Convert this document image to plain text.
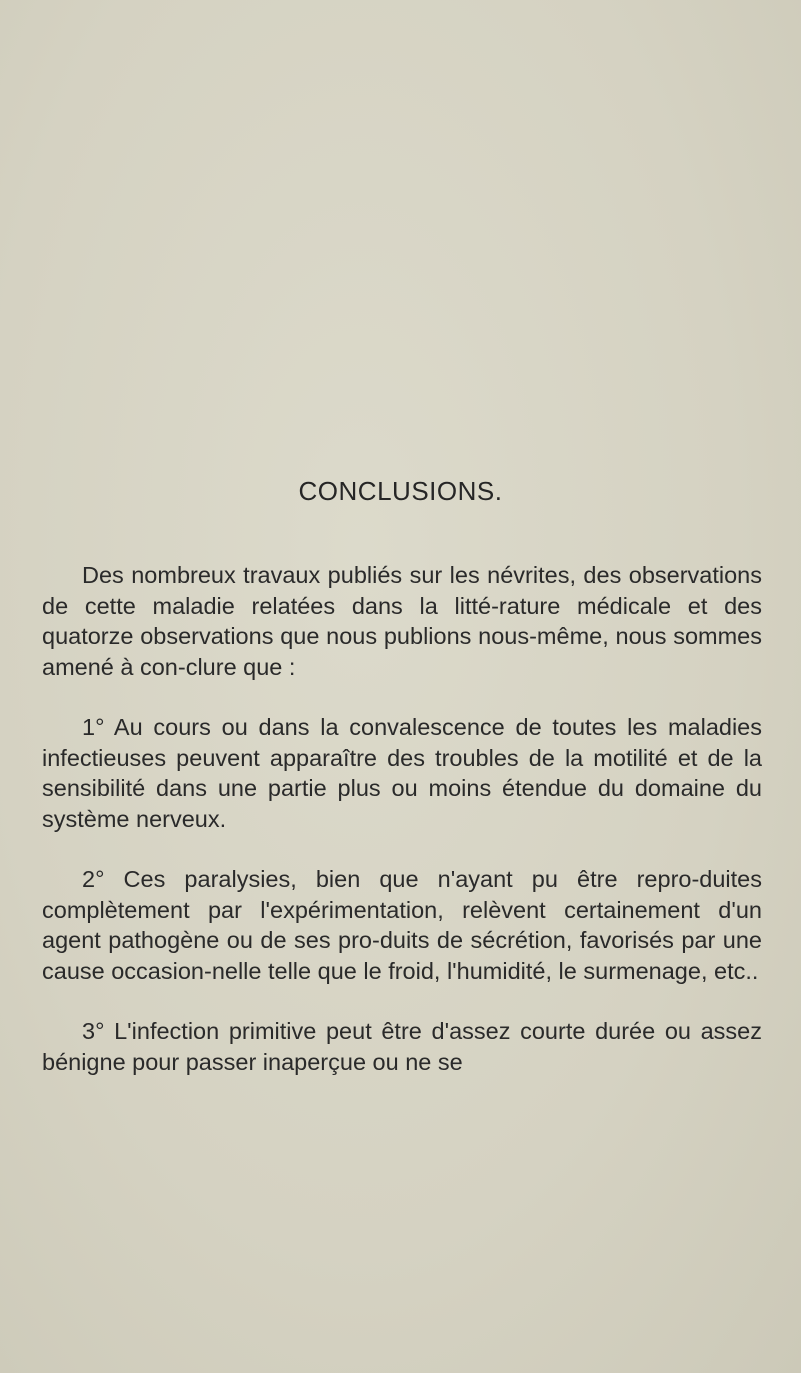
CONCLUSIONS.

Des nombreux travaux publiés sur les névrites, des observations de cette maladie relatées dans la litté-rature médicale et des quatorze observations que nous publions nous-même, nous sommes amené à con-clure que :

1° Au cours ou dans la convalescence de toutes les maladies infectieuses peuvent apparaître des troubles de la motilité et de la sensibilité dans une partie plus ou moins étendue du domaine du système nerveux.

2° Ces paralysies, bien que n'ayant pu être repro-duites complètement par l'expérimentation, relèvent certainement d'un agent pathogène ou de ses pro-duits de sécrétion, favorisés par une cause occasion-nelle telle que le froid, l'humidité, le surmenage, etc..

3° L'infection primitive peut être d'assez courte durée ou assez bénigne pour passer inaperçue ou ne se
